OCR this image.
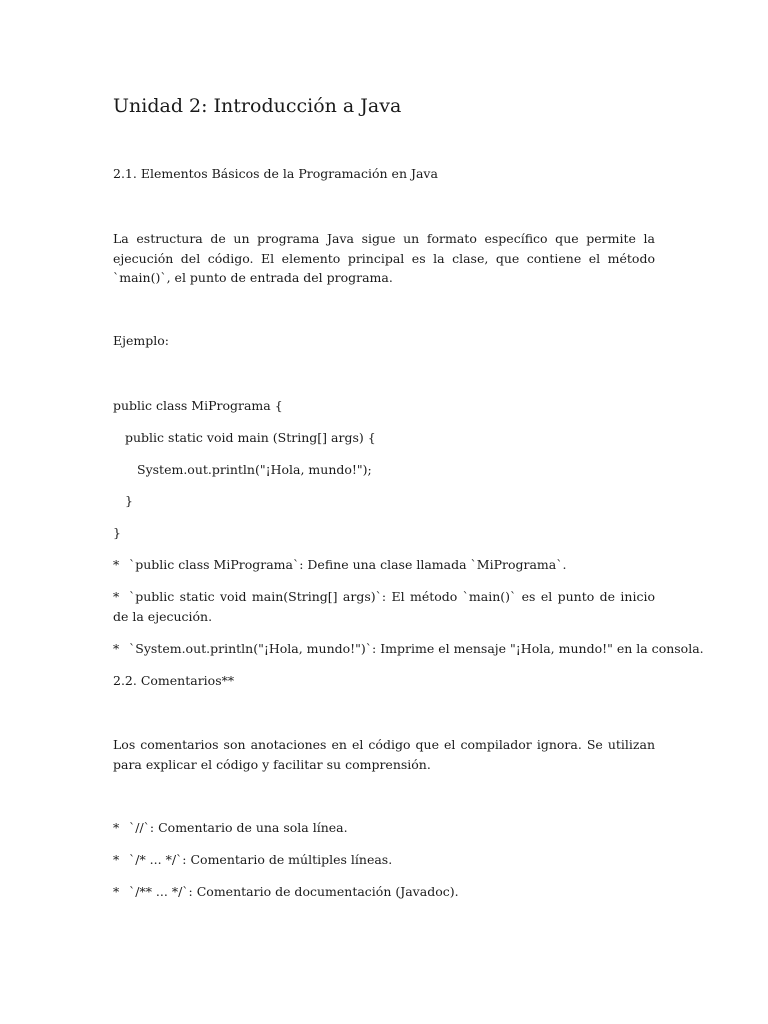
Unidad 2: Introducción a Java
2.1. Elementos Básicos de la Programación en Java
La estructura de un programa Java sigue un formato específico que permite la ejecución del código. El elemento principal es la clase, que contiene el método `main()`, el punto de entrada del programa.
Ejemplo:
public class MiPrograma {
public static void main (String[] args) {
System.out.println("¡Hola, mundo!");
}
}
* `public class MiPrograma`: Define una clase llamada `MiPrograma`.
* `public static void main(String[] args)`: El método `main()` es el punto de inicio de la ejecución.
* `System.out.println("¡Hola, mundo!")`: Imprime el mensaje "¡Hola, mundo!" en la consola.
2.2. Comentarios**
Los comentarios son anotaciones en el código que el compilador ignora. Se utilizan para explicar el código y facilitar su comprensión.
* `//`: Comentario de una sola línea.
* `/* ... */`: Comentario de múltiples líneas.
* `/** ... */`: Comentario de documentación (Javadoc).
